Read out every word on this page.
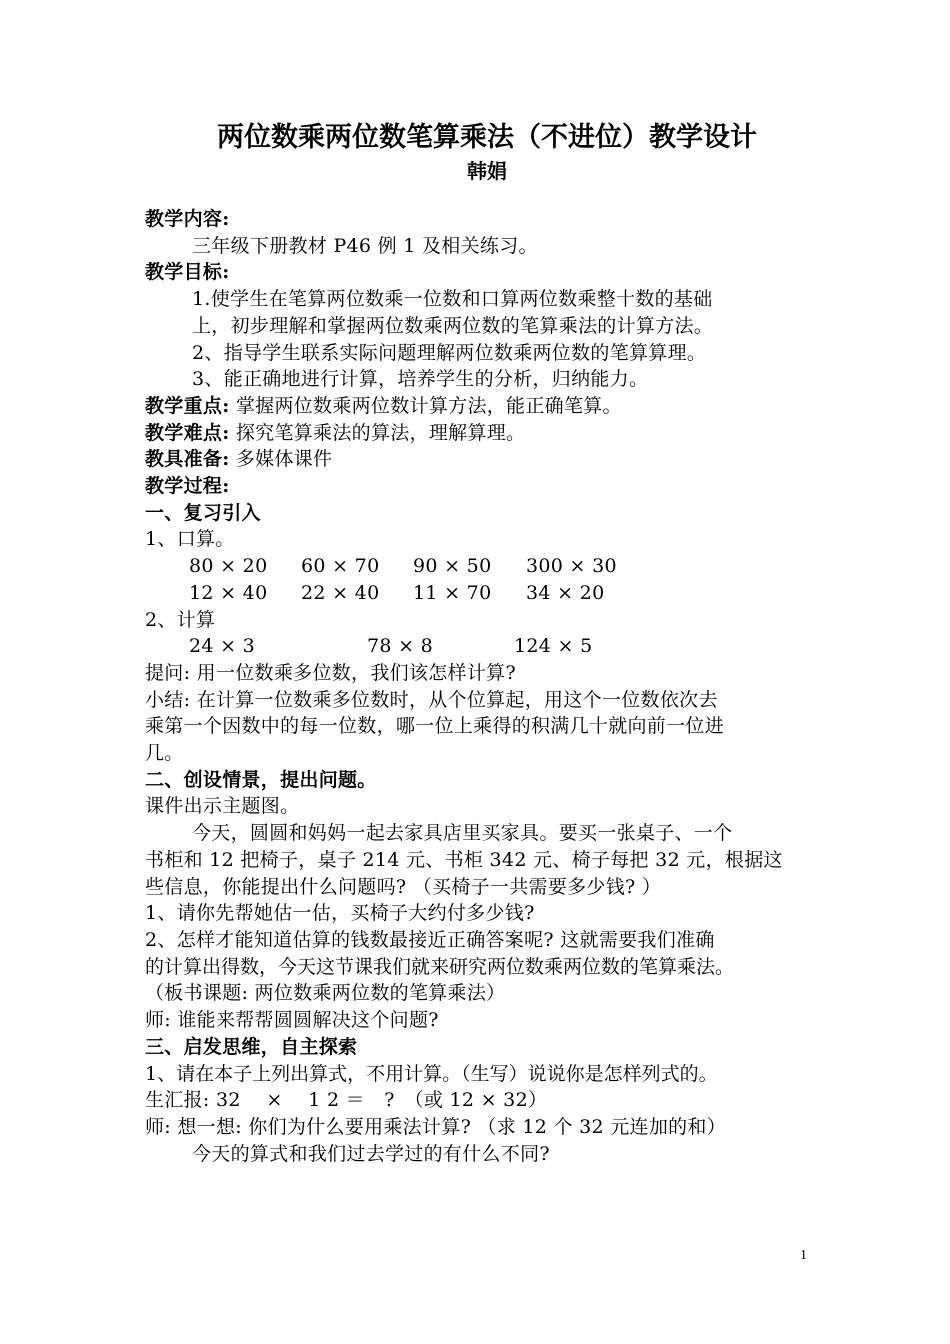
两位数乘两位数笔算乘法（不进位）教学设计

韩娟

教学内容:

三年级下册教材 P46 例 1 及相关练习。

教学目标:

1.使学生在笔算两位数乘一位数和口算两位数乘整十数的基础

上，初步理解和掌握两位数乘两位数的笔算乘法的计算方法。

2、指导学生联系实际问题理解两位数乘两位数的笔算算理。

3、能正确地进行计算，培养学生的分析，归纳能力。

教学重点: 掌握两位数乘两位数计算方法，能正确笔算。

教学难点: 探究笔算乘法的算法，理解算理。

教具准备: 多媒体课件

教学过程:

一、复习引入

1、口算。

80 × 20	60 × 70	90 × 50	300 × 30
12 × 40	22 × 40	11 × 70	34 × 20

2、计算

24 × 3	78 × 8	124 × 5

提问: 用一位数乘多位数，我们该怎样计算?

小结: 在计算一位数乘多位数时，从个位算起，用这个一位数依次去

乘第一个因数中的每一位数，哪一位上乘得的积满几十就向前一位进

几。

二、创设情景，提出问题。

课件出示主题图。

今天，圆圆和妈妈一起去家具店里买家具。要买一张桌子、一个

书柜和 12 把椅子，桌子 214 元、书柜 342 元、椅子每把 32 元，根据这

些信息，你能提出什么问题吗? （买椅子一共需要多少钱? ）

1、请你先帮她估一估，买椅子大约付多少钱?

2、怎样才能知道估算的钱数最接近正确答案呢? 这就需要我们准确

的计算出得数，今天这节课我们就来研究两位数乘两位数的笔算乘法。

（板书课题: 两位数乘两位数的笔算乘法）

师: 谁能来帮帮圆圆解决这个问题?

三、启发思维，自主探索

1、请在本子上列出算式，不用计算。（生写）说说你是怎样列式的。

生汇报: 32　 ×　 1 2 ＝　?　（或 12 × 32）

师: 想一想: 你们为什么要用乘法计算? （求 12 个 32 元连加的和）

今天的算式和我们过去学过的有什么不同?

1
